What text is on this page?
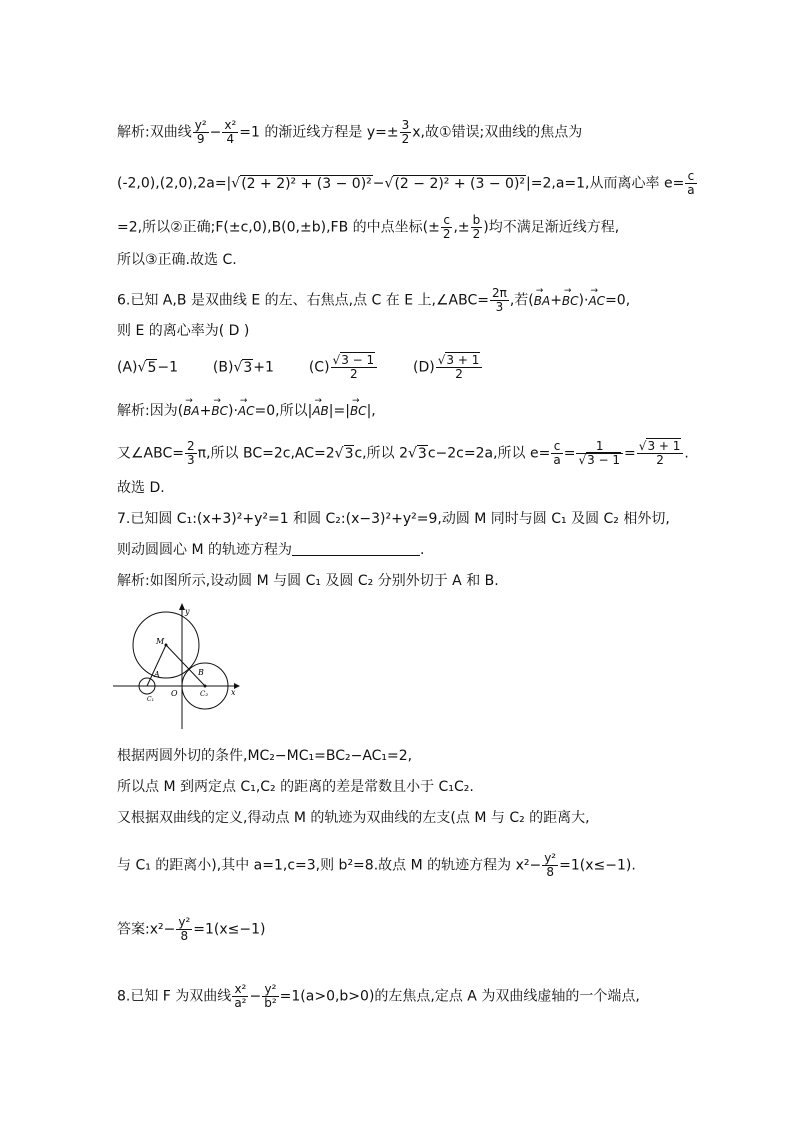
解析:双曲线 $\frac{\text{y²}}{9} - \frac{\text{x²}}{4} =1$ 的渐近线方程是 $y=\pm \frac{3}{2} x$,故①错误;双曲线的焦点为
(-2,0),(2,0),2a=|√(2 + 2)² + (3 − 0)²−√(2 − 2)² + (3 − 0)²|=2,a=1,从而离心率 $e= \frac{c}{a}$
=2,所以②正确;F(±c,0),B(0,±b),FB 的中点坐标(± $\frac{c}{2}$ ,± $\frac{b}{2}$ )均不满足渐近线方程,
所以③正确.故选 C.
6.已知 A,B 是双曲线 E 的左、右焦点,点 C 在 E 上,∠ABC= $\frac{2\pi}{3}$ ,若(→ BA+→ BC)·→ AC=0,
则 E 的离心率为( D )
(A)√5−1 (B)√3+1 $(C) \frac{√3 - 1}{2}$	$(D) \frac{√3 + 1}{2}$
解析:因为(→ BA+→ BC)·→ AC=0,所以|→ AB|=|→ BC|,
又∠ABC= $\frac{2}{3} \pi$,所以 BC=2c,AC=2√3c,所以 2√3c−2c=2a,所以 $e= \frac{c}{a} = \frac{1}{√3 - 1} = \frac{√3 + 1}{2}$ .
故选 D.
7.已知圆 C₁:(x+3)²+y²=1 和圆 C₂:(x−3)²+y²=9,动圆 M 同时与圆 C₁ 及圆 C₂ 相外切,
则动圆圆心 M 的轨迹方程为	.
解析:如图所示,设动圆 M 与圆 C₁ 及圆 C₂ 分别外切于 A 和 B.
y
x
M
A	B
O
C₁
C₂
根据两圆外切的条件,MC₂−MC₁=BC₂−AC₁=2,
所以点 M 到两定点 C₁,C₂ 的距离的差是常数且小于 C₁C₂.
又根据双曲线的定义,得动点 M 的轨迹为双曲线的左支(点 M 与 C₂ 的距离大,
与 C₁ 的距离小),其中 a=1,c=3,则 b²=8.故点 M 的轨迹方程为 $x^2- \frac{\text{y²}}{8} =1(x\le-1)$.
答案:x²− $\frac{\text{y²}}{8} =1(x\le-1)$
8.已知 F 为双曲线 $\frac{\text{x²}}{\text{a²}} - \frac{\text{y²}}{\text{b²}} =1(a>0,b>0)$的左焦点,定点 A 为双曲线虚轴的一个端点,
